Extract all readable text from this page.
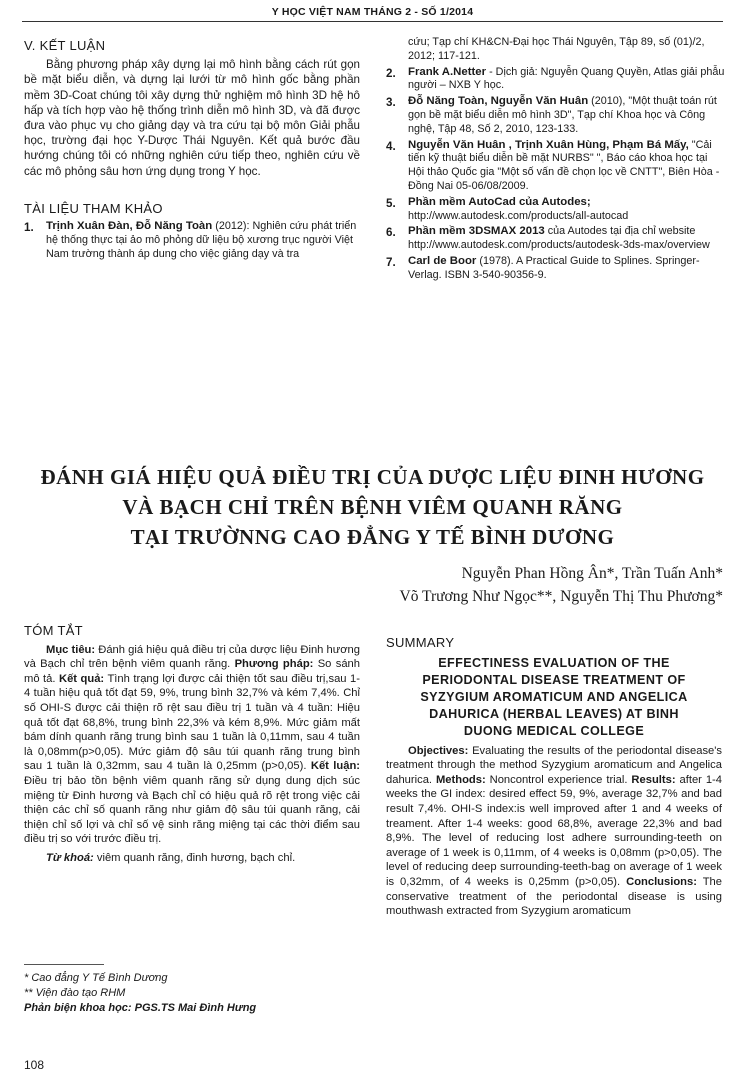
Y HỌC VIỆT NAM THÁNG 2 - SỐ 1/2014
V. KẾT LUẬN

Bằng phương pháp xây dựng lại mô hình bằng cách rút gọn bề mặt biểu diễn, và dựng lại lưới từ mô hình gốc bằng phần mềm 3D-Coat chúng tôi xây dựng thử nghiệm mô hình 3D hệ hô hấp và tích hợp vào hệ thống trình diễn mô hình 3D, và đã được đưa vào phục vụ cho giảng dạy và tra cứu tại bộ môn Giải phẫu học, trường đại học Y-Dược Thái Nguyên. Kết quả bước đầu hướng chúng tôi có những nghiên cứu tiếp theo, nghiên cứu về các mô phỏng sâu hơn ứng dụng trong Y học.

TÀI LIỆU THAM KHẢO
1.	Trịnh Xuân Đàn, Đỗ Năng Toàn (2012): Nghiên cứu phát triển hệ thống thực tại ảo mô phỏng dữ liệu bộ xương trục người Việt Nam trường thành áp dung cho việc giảng dạy và tra
cứu; Tạp chí KH&CN-Đại học Thái Nguyên, Tập 89, số (01)/2, 2012; 117-121.
2.	Frank A.Netter - Dịch giả: Nguyễn Quang Quyền, Atlas giải phẫu người – NXB Y học.
3.	Đỗ Năng Toàn, Nguyễn Văn Huân (2010), "Một thuật toán rút gọn bề mặt biểu diễn mô hình 3D", Tạp chí Khoa học và Công nghệ, Tập 48, Số 2, 2010, 123-133.
4.	Nguyễn Văn Huân , Trịnh Xuân Hùng, Phạm Bá Mấy, "Cải tiến kỹ thuật biểu diễn bề mặt NURBS" ", Báo cáo khoa học tại Hội thảo Quốc gia "Một số vấn đề chọn lọc về CNTT", Biên Hòa - Đồng Nai 05-06/08/2009.
5.	Phần mềm AutoCad của Autodes; http://www.autodesk.com/products/all-autocad
6.	Phần mềm 3DSMAX 2013 của Autodes tại địa chỉ website http://www.autodesk.com/products/autodesk-3ds-max/overview
7.	Carl de Boor (1978). A Practical Guide to Splines. Springer-Verlag. ISBN 3-540-90356-9.
ĐÁNH GIÁ HIỆU QUẢ ĐIỀU TRỊ CỦA DƯỢC LIỆU ĐINH HƯƠNG
VÀ BẠCH CHỈ TRÊN BỆNH VIÊM QUANH RĂNG
TẠI TRƯỜNNG CAO ĐẲNG Y TẾ BÌNH DƯƠNG
Nguyễn Phan Hồng Ân*, Trần Tuấn Anh*
Võ Trương Như Ngọc**, Nguyễn Thị Thu Phương*
TÓM TẮT

Mục tiêu: Đánh giá hiệu quả điều trị của dược liệu Đinh hương và Bạch chỉ trên bệnh viêm quanh răng. Phương pháp: So sánh mô tả. Kết quả: Tình trạng lợi được cải thiện tốt sau điều trị,sau 1- 4 tuần hiệu quả tốt đạt 59, 9%, trung bình 32,7% và kém 7,4%. Chỉ số OHI-S được cải thiện rõ rệt sau điều trị 1 tuần và 4 tuần: Hiệu quả tốt đạt 68,8%, trung bình 22,3% và kém 8,9%. Mức giảm mất bám dính quanh răng trung bình sau 1 tuần là 0,11mm, sau 4 tuần là 0,08mm(p>0,05). Mức giảm độ sâu túi quanh răng trung bình sau 1 tuần là 0,32mm, sau 4 tuần là 0,25mm (p>0,05). Kết luận: Điều trị bảo tồn bệnh viêm quanh răng sử dụng dung dịch súc miệng từ Đinh hương và Bạch chỉ có hiệu quả rõ rệt trong việc cải thiện các chỉ số quanh răng như giảm độ sâu túi quanh răng, cải thiện chỉ số lợi và chỉ số vệ sinh răng miệng tại các thời điểm sau điều trị so với trước điều trị.

Từ khoá: viêm quanh răng, đinh hương, bạch chỉ.

* Cao đẳng Y Tế Bình Dương

** Viện đào tạo RHM

Phản biện khoa học: PGS.TS Mai Đình Hưng

SUMMARY
EFFECTINESS EVALUATION OF THE
PERIODONTAL DISEASE TREATMENT OF
SYZYGIUM AROMATICUM AND ANGELICA
DAHURICA (HERBAL LEAVES) AT BINH
DUONG MEDICAL COLLEGE

Objectives: Evaluating the results of the periodontal disease's treatment through the method Syzygium aromaticum and Angelica dahurica. Methods: Noncontrol experience trial. Results: after 1-4 weeks the GI index: desired effect 59, 9%, average 32,7% and bad result 7,4%. OHI-S index:is well improved after 1 and 4 weeks of treament. After 1-4 weeks: good 68,8%, average 22,3% and bad 8,9%. The level of reducing lost adhere surrounding-teeth on average of 1 week is 0,11mm, of 4 weeks is 0,08mm (p>0,05). The level of reducing deep surrounding-teeth-bag on average of 1 week is 0,32mm, of 4 weeks is 0,25mm (p>0,05). Conclusions: The conservative treatment of the periodontal disease is using mouthwash extracted from Syzygium aromaticum

108
